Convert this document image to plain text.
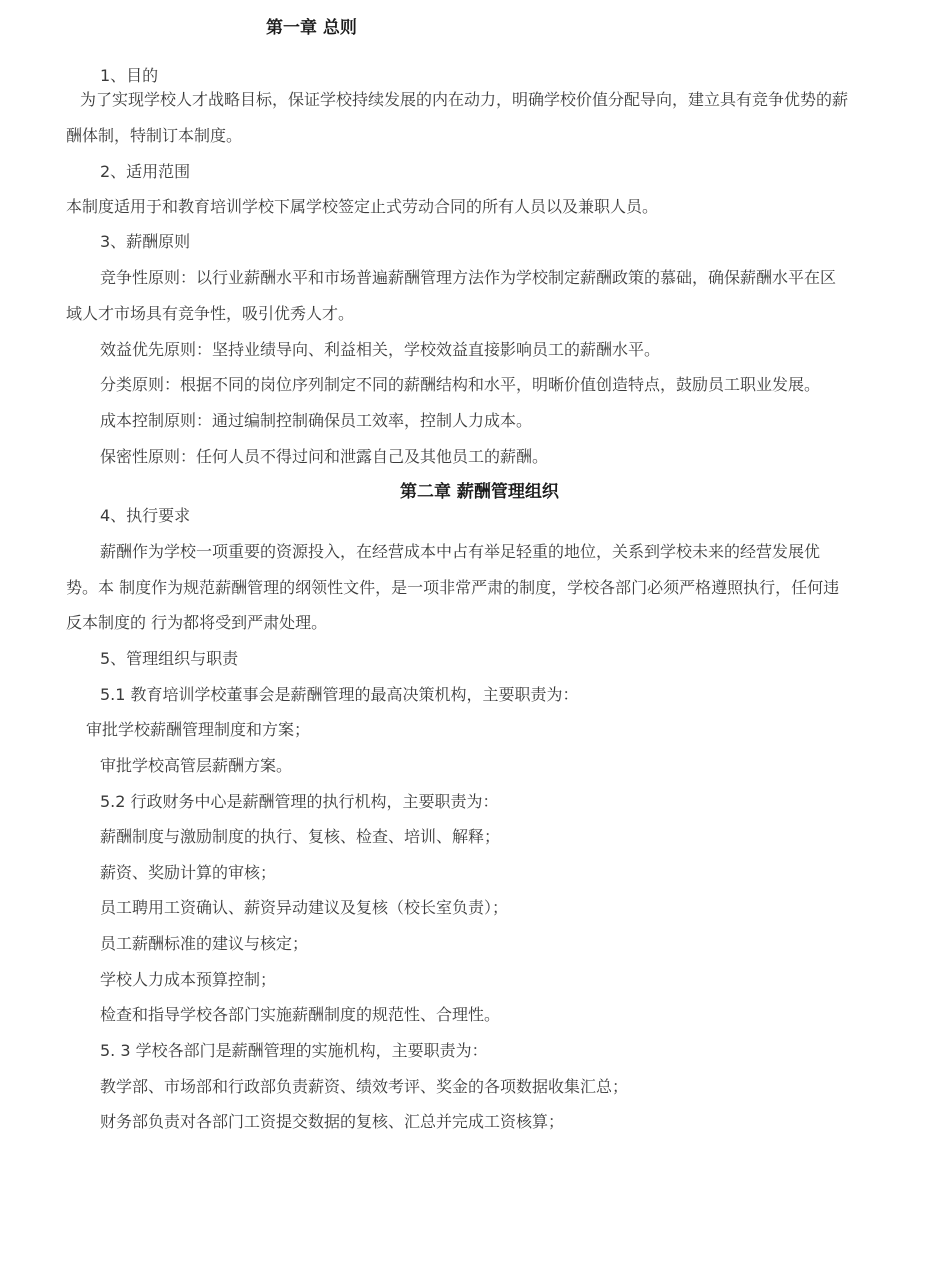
第一章 总则
1、目的
为了实现学校人才战略目标，保证学校持续发展的内在动力，明确学校价值分配导向，建立具有竞争优势的薪
酬体制，特制订本制度。
2、适用范围
本制度适用于和教育培训学校下属学校签定止式劳动合同的所有人员以及兼职人员。
3、薪酬原则
竞争性原则：以行业薪酬水平和市场普遍薪酬管理方法作为学校制定薪酬政策的慕础，确保薪酬水平在区
域人才市场具有竞争性，吸引优秀人才。
效益优先原则：坚持业绩导向、利益相关，学校效益直接影响员工的薪酬水平。
分类原则：根据不同的岗位序列制定不同的薪酬结构和水平，明晰价值创造特点，鼓励员工职业发展。
成本控制原则：通过编制控制确保员工效率，控制人力成本。
保密性原则：任何人员不得过问和泄露自己及其他员工的薪酬。
第二章 薪酬管理组织
4、执行要求
薪酬作为学校一项重要的资源投入，在经营成本中占有举足轻重的地位，关系到学校未来的经营发展优
势。本 制度作为规范薪酬管理的纲领性文件，是一项非常严肃的制度，学校各部门必须严格遵照执行，任何违
反本制度的 行为都将受到严肃处理。
5、管理组织与职责
5.1 教育培训学校董事会是薪酬管理的最高决策机构，主要职责为：
审批学校薪酬管理制度和方案；
审批学校高管层薪酬方案。
5.2 行政财务中心是薪酬管理的执行机构，主要职责为：
薪酬制度与激励制度的执行、复核、检查、培训、解释；
薪资、奖励计算的审核；
员工聘用工资确认、薪资异动建议及复核（校长室负责）；
员工薪酬标准的建议与核定；
学校人力成本预算控制；
检查和指导学校各部门实施薪酬制度的规范性、合理性。
5. 3 学校各部门是薪酬管理的实施机构，主要职责为：
教学部、市场部和行政部负责薪资、绩效考评、奖金的各项数据收集汇总；
财务部负责对各部门工资提交数据的复核、汇总并完成工资核算；
